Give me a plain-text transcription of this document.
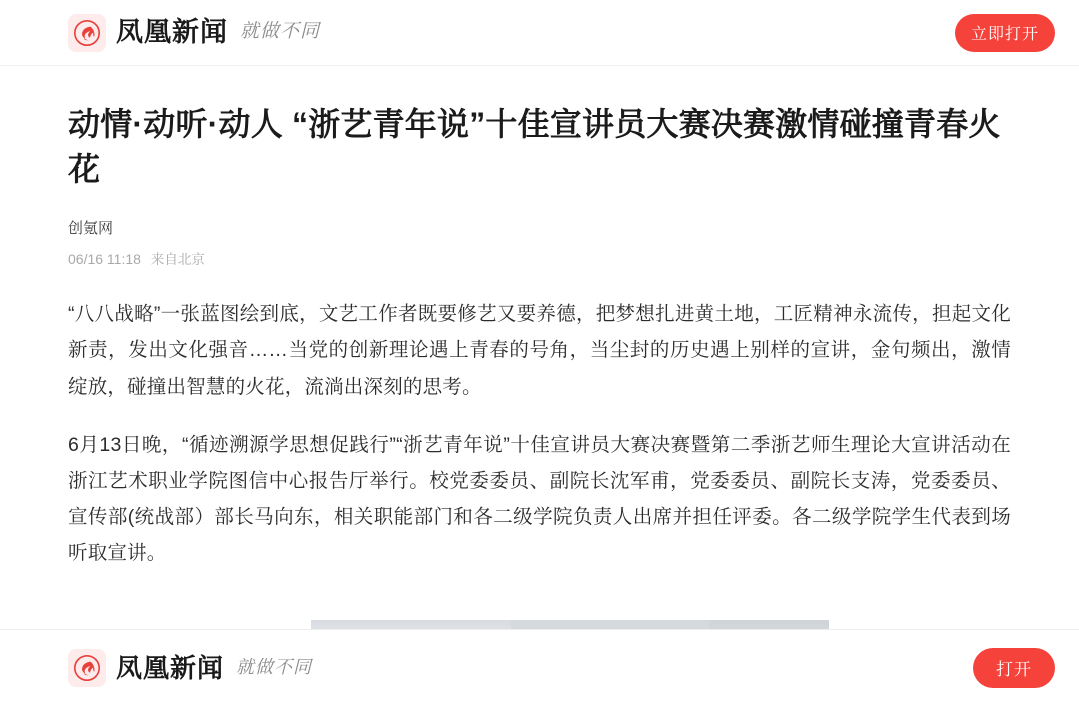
凤凰新闻 就做不同	立即打开
动情·动听·动人 “浙艺青年说”十佳宣讲员大赛决赛激情碰撞青春火花
创氪网
06/16 11:18 来自北京

“八八战略”一张蓝图绘到底，文艺工作者既要修艺又要养德，把梦想扎进黄土地，工匠精神永流传，担起文化新责，发出文化强音……当党的创新理论遇上青春的号角，当尘封的历史遇上别样的宣讲，金句频出，激情绽放，碰撞出智慧的火花，流淌出深刻的思考。

6月13日晚，“循迹溯源学思想促践行”“浙艺青年说”十佳宣讲员大赛决赛暨第二季浙艺师生理论大宣讲活动在浙江艺术职业学院图信中心报告厅举行。校党委委员、副院长沈军甫，党委委员、副院长支涛，党委委员、宣传部(统战部）部长马向东，相关职能部门和各二级学院负责人出席并担任评委。各二级学院学生代表到场听取宣讲。

凤凰新闻 就做不同	打开
